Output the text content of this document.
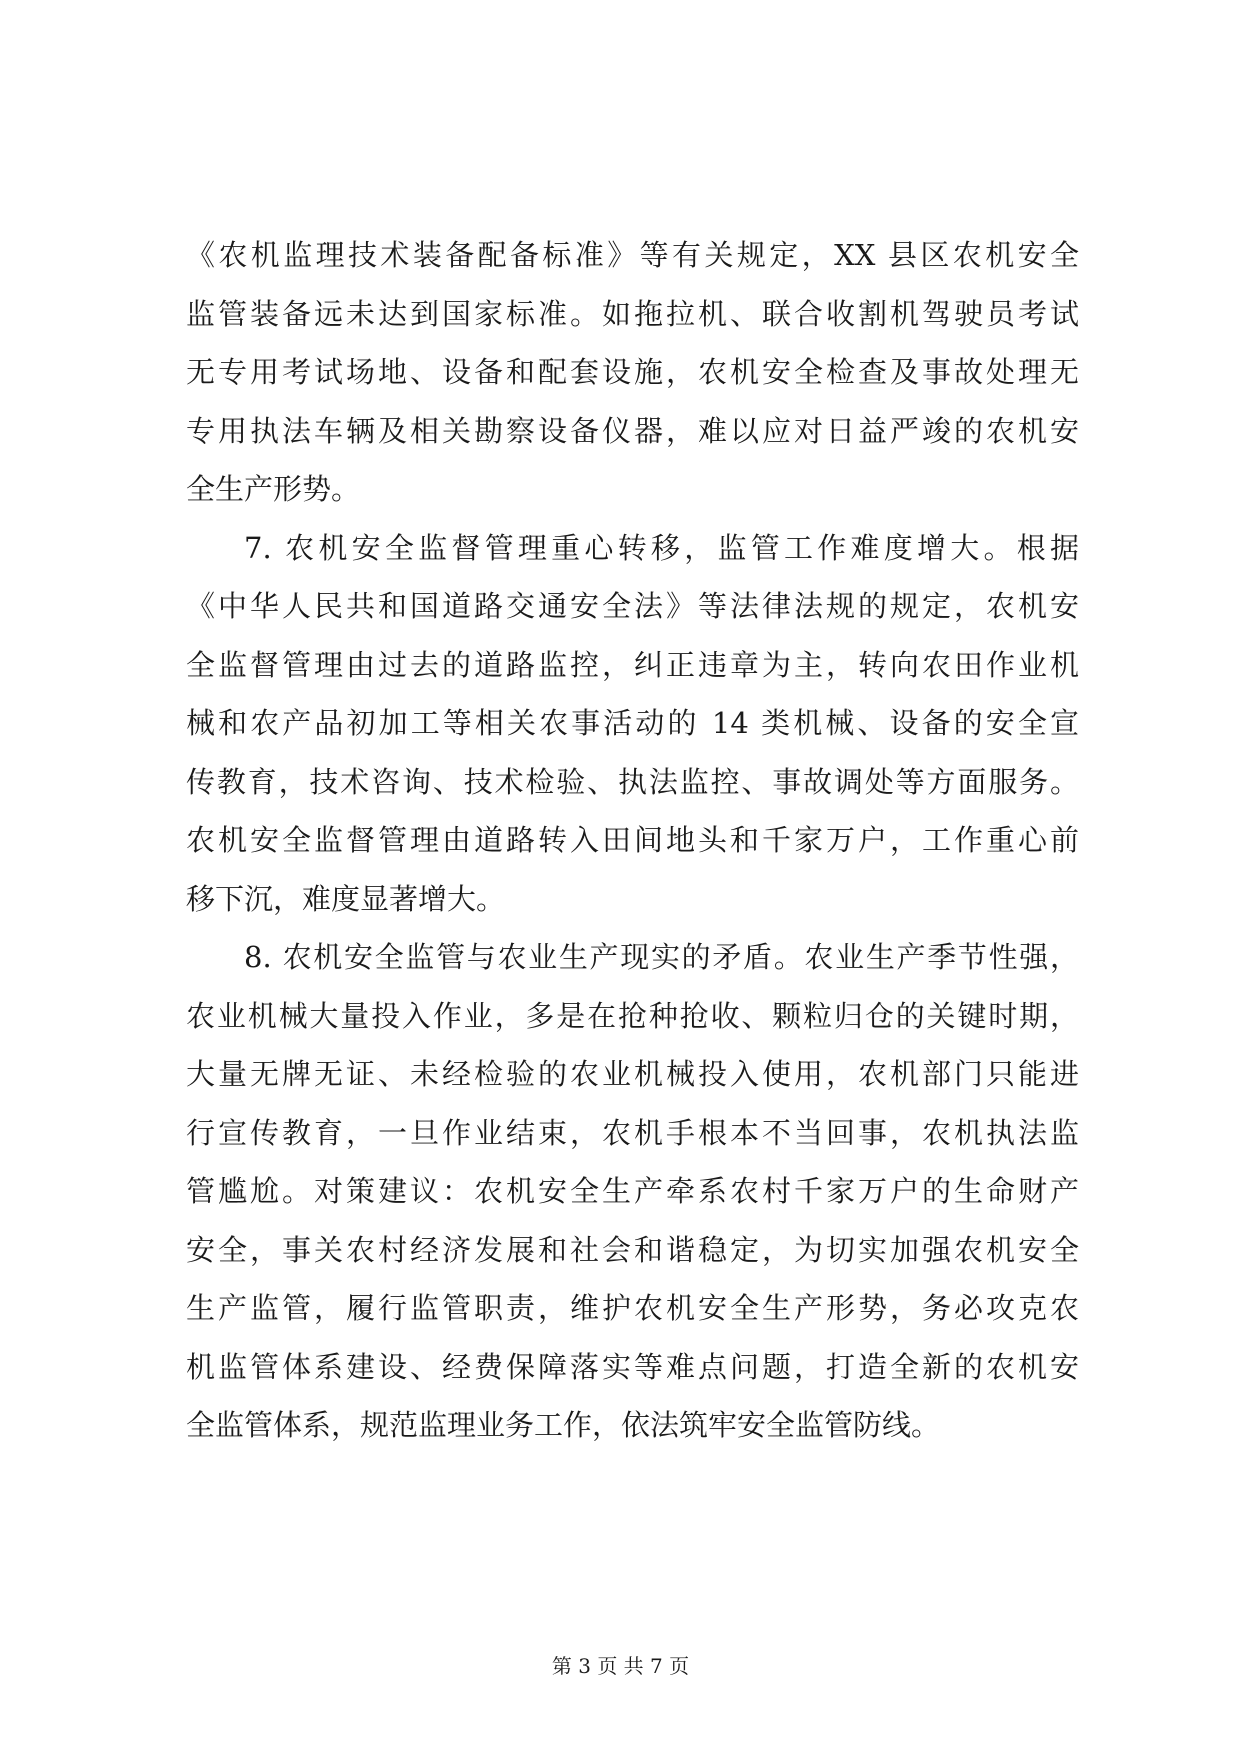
《农机监理技术装备配备标准》等有关规定，XX 县区农机安全
监管装备远未达到国家标准。如拖拉机、联合收割机驾驶员考试
无专用考试场地、设备和配套设施，农机安全检查及事故处理无
专用执法车辆及相关勘察设备仪器，难以应对日益严竣的农机安
全生产形势。
7. 农机安全监督管理重心转移，监管工作难度增大。根据
《中华人民共和国道路交通安全法》等法律法规的规定，农机安
全监督管理由过去的道路监控，纠正违章为主，转向农田作业机
械和农产品初加工等相关农事活动的 14 类机械、设备的安全宣
传教育，技术咨询、技术检验、执法监控、事故调处等方面服务。
农机安全监督管理由道路转入田间地头和千家万户，工作重心前
移下沉，难度显著增大。
8. 农机安全监管与农业生产现实的矛盾。农业生产季节性强，
农业机械大量投入作业，多是在抢种抢收、颗粒归仓的关键时期，
大量无牌无证、未经检验的农业机械投入使用，农机部门只能进
行宣传教育，一旦作业结束，农机手根本不当回事，农机执法监
管尴尬。对策建议：农机安全生产牵系农村千家万户的生命财产
安全，事关农村经济发展和社会和谐稳定，为切实加强农机安全
生产监管，履行监管职责，维护农机安全生产形势，务必攻克农
机监管体系建设、经费保障落实等难点问题，打造全新的农机安
全监管体系，规范监理业务工作，依法筑牢安全监管防线。
第 3 页 共 7 页
